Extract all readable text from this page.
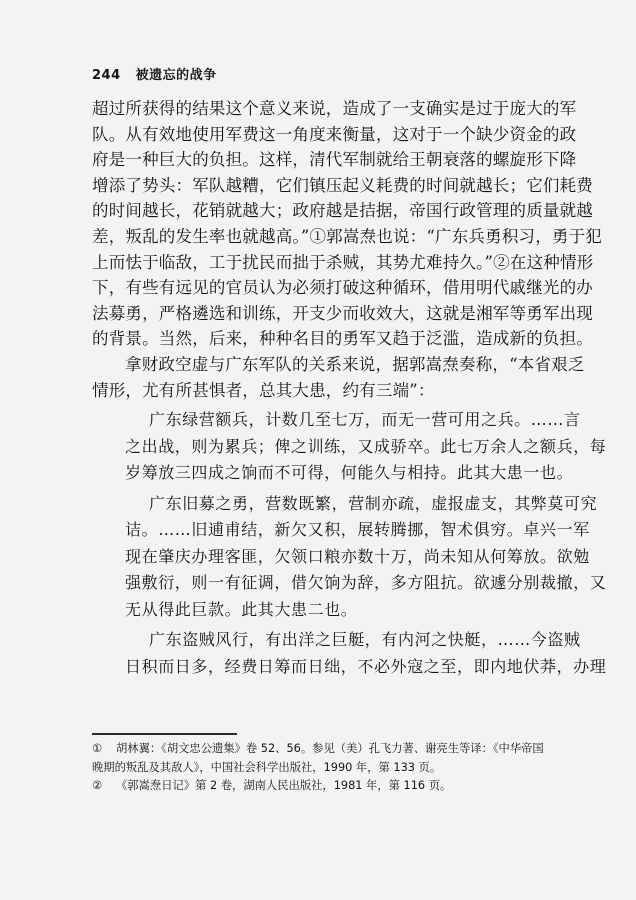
244 被遗忘的战争
超过所获得的结果这个意义来说，造成了一支确实是过于庞大的军
队。从有效地使用军费这一角度来衡量，这对于一个缺少资金的政
府是一种巨大的负担。这样，清代军制就给王朝衰落的螺旋形下降
增添了势头：军队越糟，它们镇压起义耗费的时间就越长；它们耗费
的时间越长，花销就越大；政府越是拮据，帝国行政管理的质量就越
差，叛乱的发生率也就越高。”①郭嵩焘也说：“广东兵勇积习，勇于犯
上而怯于临敌，工于扰民而拙于杀贼，其势尤难持久。”②在这种情形
下，有些有远见的官员认为必须打破这种循环，借用明代戚继光的办
法募勇，严格遴选和训练，开支少而收效大，这就是湘军等勇军出现
的背景。当然，后来，种种名目的勇军又趋于泛滥，造成新的负担。
拿财政空虚与广东军队的关系来说，据郭嵩焘奏称，“本省艰乏
情形，尤有所甚惧者，总其大患，约有三端”：
广东绿营额兵，计数几至七万，而无一营可用之兵。……言
之出战，则为累兵；俾之训练，又成骄卒。此七万余人之额兵，每
岁筹放三四成之饷而不可得，何能久与相持。此其大患一也。
广东旧募之勇，营数既繁，营制亦疏，虚报虚支，其弊莫可究
诘。……旧逋甫结，新欠又积，展转腾挪，智术俱穷。卓兴一军
现在肇庆办理客匪，欠领口粮亦数十万，尚未知从何筹放。欲勉
强敷衍，则一有征调，借欠饷为辞，多方阻抗。欲遽分别裁撤，又
无从得此巨款。此其大患二也。
广东盗贼风行，有出洋之巨艇，有内河之快艇，……今盗贼
日积而日多，经费日筹而日绌，不必外寇之至，即内地伏莽，办理
① 胡林翼：《胡文忠公遗集》卷 52、56。参见（美）孔飞力著、谢亮生等译：《中华帝国
晚期的叛乱及其敌人》，中国社会科学出版社，1990 年，第 133 页。
② 《郭嵩焘日记》第 2 卷，湖南人民出版社，1981 年，第 116 页。
